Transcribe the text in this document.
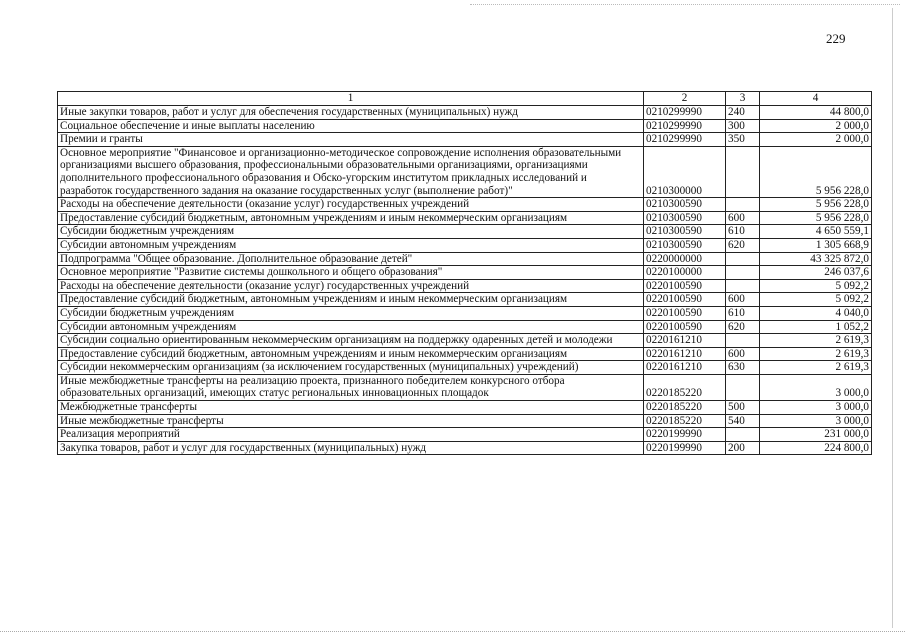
229
1	2	3	4
Иные закупки товаров, работ и услуг для обеспечения государственных (муниципальных) нужд	0210299990	240	44 800,0
Социальное обеспечение и иные выплаты населению	0210299990	300	2 000,0
Премии и гранты	0210299990	350	2 000,0
Основное мероприятие "Финансовое и организационно-методическое сопровождение исполнения образовательными организациями высшего образования, профессиональными образовательными организациями, организациями дополнительного профессионального образования и Обско-угорским институтом прикладных исследований и разработок государственного задания на оказание государственных услуг (выполнение работ)"	0210300000		5 956 228,0
Расходы на обеспечение деятельности (оказание услуг) государственных учреждений	0210300590		5 956 228,0
Предоставление субсидий бюджетным, автономным учреждениям и иным некоммерческим организациям	0210300590	600	5 956 228,0
Субсидии бюджетным учреждениям	0210300590	610	4 650 559,1
Субсидии автономным учреждениям	0210300590	620	1 305 668,9
Подпрограмма "Общее образование. Дополнительное образование детей"	0220000000		43 325 872,0
Основное мероприятие "Развитие системы дошкольного и общего образования"	0220100000		246 037,6
Расходы на обеспечение деятельности (оказание услуг) государственных учреждений	0220100590		5 092,2
Предоставление субсидий бюджетным, автономным учреждениям и иным некоммерческим организациям	0220100590	600	5 092,2
Субсидии бюджетным учреждениям	0220100590	610	4 040,0
Субсидии автономным учреждениям	0220100590	620	1 052,2
Субсидии социально ориентированным некоммерческим организациям на поддержку одаренных детей и молодежи	0220161210		2 619,3
Предоставление субсидий бюджетным, автономным учреждениям и иным некоммерческим организациям	0220161210	600	2 619,3
Субсидии некоммерческим организациям (за исключением государственных (муниципальных) учреждений)	0220161210	630	2 619,3
Иные межбюджетные трансферты на реализацию проекта, признанного победителем конкурсного отбора образовательных организаций, имеющих статус региональных инновационных площадок	0220185220		3 000,0
Межбюджетные трансферты	0220185220	500	3 000,0
Иные межбюджетные трансферты	0220185220	540	3 000,0
Реализация мероприятий	0220199990		231 000,0
Закупка товаров, работ и услуг для государственных (муниципальных) нужд	0220199990	200	224 800,0
